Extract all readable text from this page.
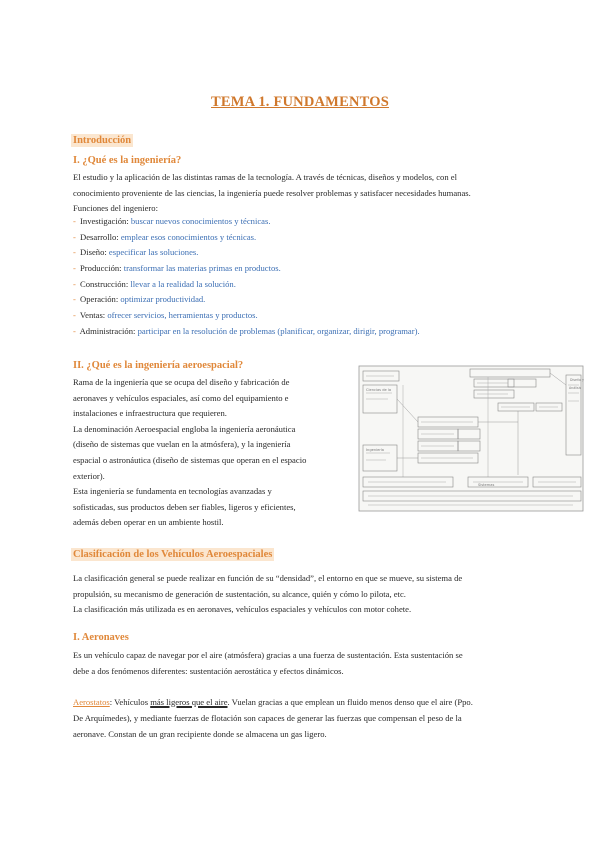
TEMA 1. FUNDAMENTOS
Introducción
I. ¿Qué es la ingeniería?
El estudio y la aplicación de las distintas ramas de la tecnología. A través de técnicas, diseños y modelos, con el
conocimiento proveniente de las ciencias, la ingeniería puede resolver problemas y satisfacer necesidades humanas.
Funciones del ingeniero:
- Investigación: buscar nuevos conocimientos y técnicas.
- Desarrollo: emplear esos conocimientos y técnicas.
- Diseño: especificar las soluciones.
- Producción: transformar las materias primas en productos.
- Construcción: llevar a la realidad la solución.
- Operación: optimizar productividad.
- Ventas: ofrecer servicios, herramientas y productos.
- Administración: participar en la resolución de problemas (planificar, organizar, dirigir, programar).
II. ¿Qué es la ingeniería aeroespacial?

Rama de la ingeniería que se ocupa del diseño y fabricación de

aeronaves y vehículos espaciales, así como del equipamiento e

instalaciones e infraestructura que requieren.

La denominación Aeroespacial engloba la ingeniería aeronáutica

(diseño de sistemas que vuelan en la atmósfera), y la ingeniería

espacial o astronáutica (diseño de sistemas que operan en el espacio

exterior).

Esta ingeniería se fundamenta en tecnologías avanzadas y

sofisticadas, sus productos deben ser fiables, ligeros y eficientes,

además deben operar en un ambiente hostil.

Ciencias de la
Ingeniería
Diseño y
Análisis
Sistemas
Clasificación de los Vehículos Aeroespaciales
La clasificación general se puede realizar en función de su “densidad”, el entorno en que se mueve, su sistema de
propulsión, su mecanismo de generación de sustentación, su alcance, quién y cómo lo pilota, etc.
La clasificación más utilizada es en aeronaves, vehículos espaciales y vehículos con motor cohete.
I. Aeronaves
Es un vehículo capaz de navegar por el aire (atmósfera) gracias a una fuerza de sustentación. Esta sustentación se
debe a dos fenómenos diferentes: sustentación aerostática y efectos dinámicos.
Aerostatos: Vehículos más ligeros que el aire. Vuelan gracias a que emplean un fluido menos denso que el aire (Ppo.
De Arquímedes), y mediante fuerzas de flotación son capaces de generar las fuerzas que compensan el peso de la
aeronave. Constan de un gran recipiente donde se almacena un gas ligero.
